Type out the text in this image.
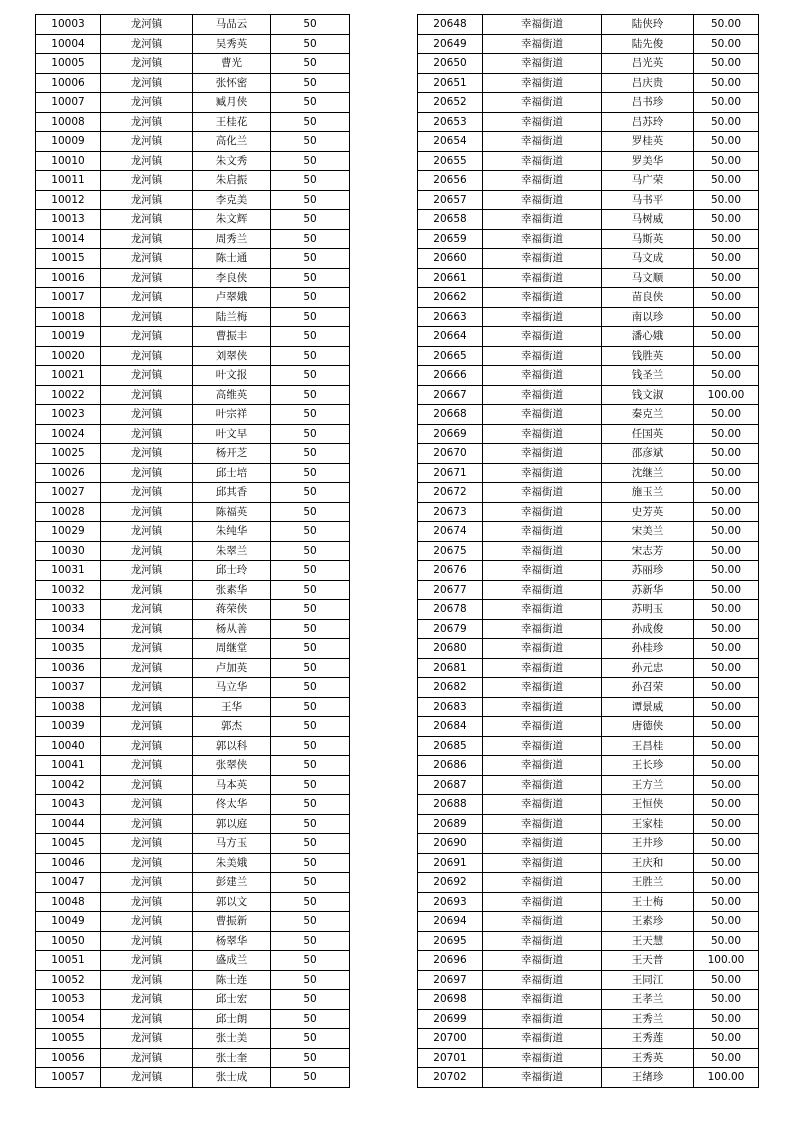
10003	龙河镇	马品云	50
10004	龙河镇	吴秀英	50
10005	龙河镇	曹光	50
10006	龙河镇	张怀密	50
10007	龙河镇	臧月侠	50
10008	龙河镇	王桂花	50
10009	龙河镇	高化兰	50
10010	龙河镇	朱文秀	50
10011	龙河镇	朱启振	50
10012	龙河镇	李克美	50
10013	龙河镇	朱文辉	50
10014	龙河镇	周秀兰	50
10015	龙河镇	陈士通	50
10016	龙河镇	李良侠	50
10017	龙河镇	卢翠娥	50
10018	龙河镇	陆兰梅	50
10019	龙河镇	曹振丰	50
10020	龙河镇	刘翠侠	50
10021	龙河镇	叶文报	50
10022	龙河镇	高维英	50
10023	龙河镇	叶宗祥	50
10024	龙河镇	叶文早	50
10025	龙河镇	杨开芝	50
10026	龙河镇	邱士培	50
10027	龙河镇	邱其香	50
10028	龙河镇	陈福英	50
10029	龙河镇	朱纯华	50
10030	龙河镇	朱翠兰	50
10031	龙河镇	邱士玲	50
10032	龙河镇	张素华	50
10033	龙河镇	蒋荣侠	50
10034	龙河镇	杨从善	50
10035	龙河镇	周继堂	50
10036	龙河镇	卢加英	50
10037	龙河镇	马立华	50
10038	龙河镇	王华	50
10039	龙河镇	郭杰	50
10040	龙河镇	郭以科	50
10041	龙河镇	张翠侠	50
10042	龙河镇	马本英	50
10043	龙河镇	佟太华	50
10044	龙河镇	郭以庭	50
10045	龙河镇	马方玉	50
10046	龙河镇	朱美娥	50
10047	龙河镇	彭建兰	50
10048	龙河镇	郭以文	50
10049	龙河镇	曹振新	50
10050	龙河镇	杨翠华	50
10051	龙河镇	盛成兰	50
10052	龙河镇	陈士连	50
10053	龙河镇	邱士宏	50
10054	龙河镇	邱士朗	50
10055	龙河镇	张士美	50
10056	龙河镇	张士奎	50
10057	龙河镇	张士成	50
20648	幸福街道	陆侠玲	50.00
20649	幸福街道	陆先俊	50.00
20650	幸福街道	吕光英	50.00
20651	幸福街道	吕庆贵	50.00
20652	幸福街道	吕书珍	50.00
20653	幸福街道	吕苏玲	50.00
20654	幸福街道	罗桂英	50.00
20655	幸福街道	罗美华	50.00
20656	幸福街道	马广荣	50.00
20657	幸福街道	马书平	50.00
20658	幸福街道	马树威	50.00
20659	幸福街道	马斯英	50.00
20660	幸福街道	马文成	50.00
20661	幸福街道	马文顺	50.00
20662	幸福街道	苗良侠	50.00
20663	幸福街道	南以珍	50.00
20664	幸福街道	潘心娥	50.00
20665	幸福街道	钱胜英	50.00
20666	幸福街道	钱圣兰	50.00
20667	幸福街道	钱文淑	100.00
20668	幸福街道	秦克兰	50.00
20669	幸福街道	任国英	50.00
20670	幸福街道	邵彦斌	50.00
20671	幸福街道	沈继兰	50.00
20672	幸福街道	施玉兰	50.00
20673	幸福街道	史芳英	50.00
20674	幸福街道	宋美兰	50.00
20675	幸福街道	宋志芳	50.00
20676	幸福街道	苏丽珍	50.00
20677	幸福街道	苏新华	50.00
20678	幸福街道	苏明玉	50.00
20679	幸福街道	孙成俊	50.00
20680	幸福街道	孙桂珍	50.00
20681	幸福街道	孙元忠	50.00
20682	幸福街道	孙召荣	50.00
20683	幸福街道	谭景威	50.00
20684	幸福街道	唐德侠	50.00
20685	幸福街道	王昌桂	50.00
20686	幸福街道	王长珍	50.00
20687	幸福街道	王方兰	50.00
20688	幸福街道	王恒侠	50.00
20689	幸福街道	王家桂	50.00
20690	幸福街道	王井珍	50.00
20691	幸福街道	王庆和	50.00
20692	幸福街道	王胜兰	50.00
20693	幸福街道	王士梅	50.00
20694	幸福街道	王素珍	50.00
20695	幸福街道	王天慧	50.00
20696	幸福街道	王天普	100.00
20697	幸福街道	王同江	50.00
20698	幸福街道	王孝兰	50.00
20699	幸福街道	王秀兰	50.00
20700	幸福街道	王秀莲	50.00
20701	幸福街道	王秀英	50.00
20702	幸福街道	王绪珍	100.00
